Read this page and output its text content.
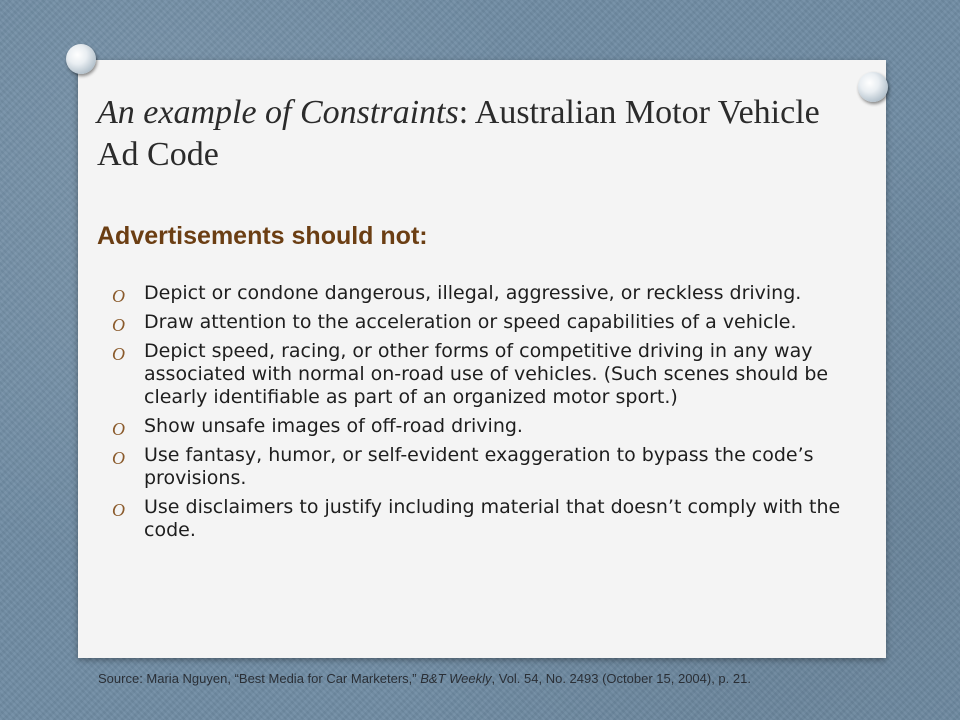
An example of Constraints: Australian Motor Vehicle Ad Code
Advertisements should not:
O Depict or condone dangerous, illegal, aggressive, or reckless driving.
O Draw attention to the acceleration or speed capabilities of a vehicle.
O Depict speed, racing, or other forms of competitive driving in any way associated with normal on-road use of vehicles. (Such scenes should be clearly identifiable as part of an organized motor sport.)
O Show unsafe images of off-road driving.
O Use fantasy, humor, or self-evident exaggeration to bypass the code’s provisions.
O Use disclaimers to justify including material that doesn’t comply with the code.

Source: Maria Nguyen, “Best Media for Car Marketers,” B&T Weekly, Vol. 54, No. 2493 (October 15, 2004), p. 21.
